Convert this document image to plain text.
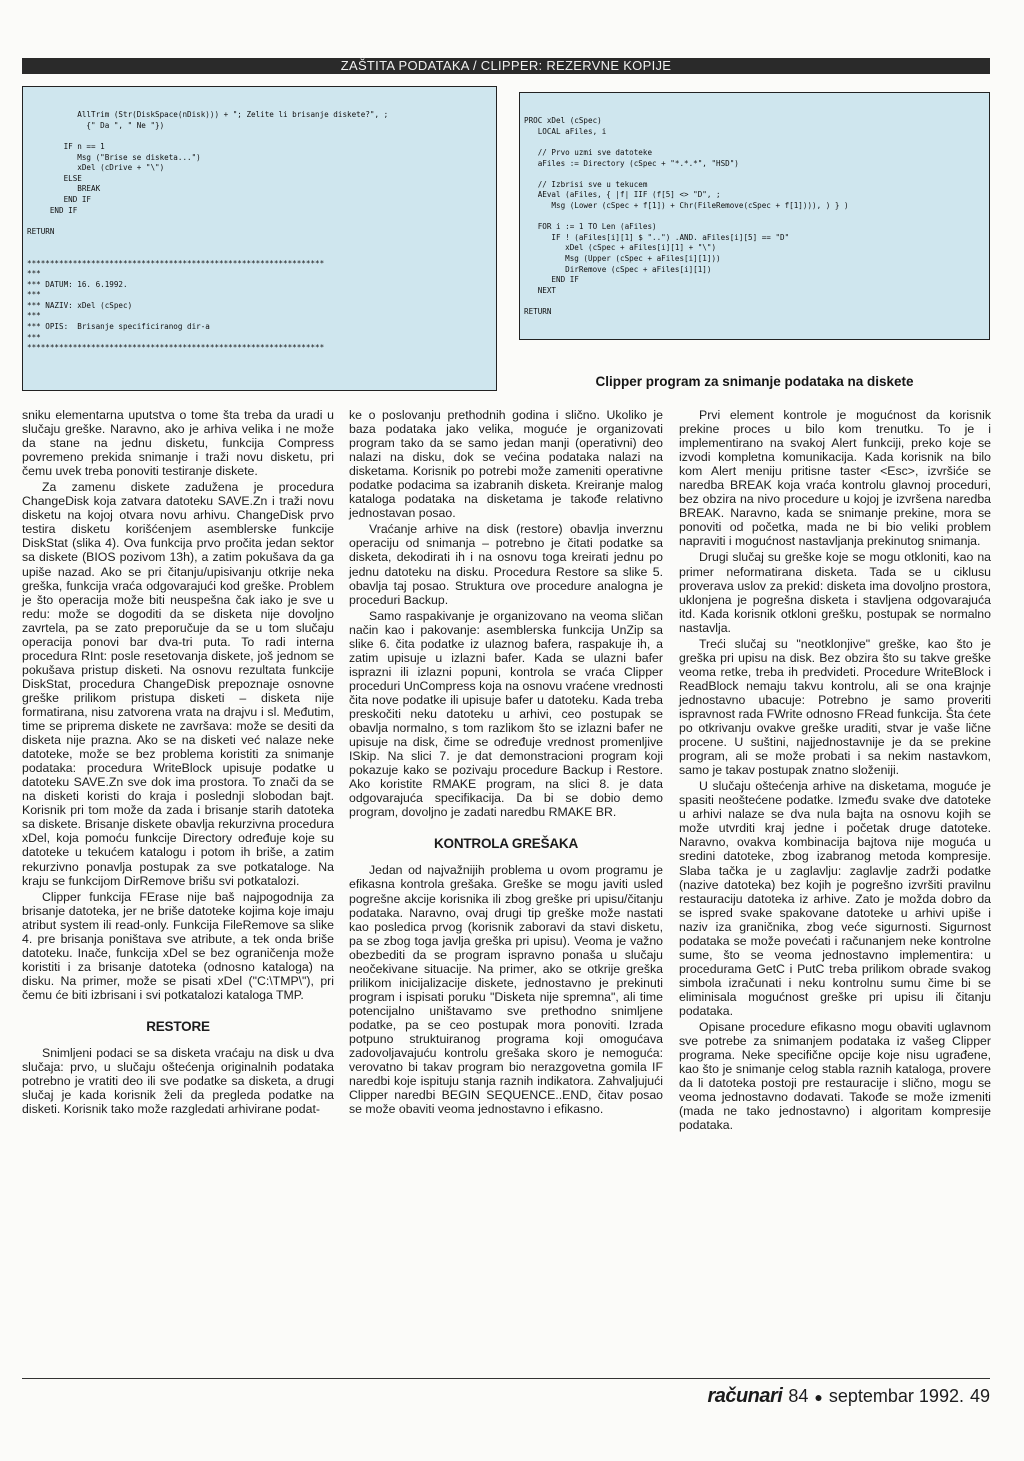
ZAŠTITA PODATAKA / CLIPPER: REZERVNE KOPIJE
AllTrim (Str(DiskSpace(nDisk))) + "; Zelite li brisanje diskete?", ;
{" Da ", " Ne "})
IF n == 1
Msg ("Brise se disketa...")
xDel (cDrive + "\")
ELSE
BREAK
END IF
END IF
RETURN
*****************************************************************
***
*** DATUM: 16. 6.1992.
***
*** NAZIV: xDel (cSpec)
***
*** OPIS:  Brisanje specificiranog dir-a
***
*****************************************************************
PROC xDel (cSpec)
LOCAL aFiles, i
// Prvo uzmi sve datoteke
aFiles := Directory (cSpec + "*.*.*", "HSD")
// Izbrisi sve u tekucem
AEval (aFiles, { |f| IIF (f[5] <> "D", ;
Msg (Lower (cSpec + f[1]) + Chr(FileRemove(cSpec + f[1]))), ) } )
FOR i := 1 TO Len (aFiles)
IF ! (aFiles[i][1] $ "..") .AND. aFiles[i][5] == "D"
xDel (cSpec + aFiles[i][1] + "\")
Msg (Upper (cSpec + aFiles[i][1]))
DirRemove (cSpec + aFiles[i][1])
END IF
NEXT
RETURN
Clipper program za snimanje podataka na diskete

sniku elementarna uputstva o tome šta treba da uradi u slučaju greške. Naravno, ako je arhiva velika i ne može da stane na jednu disketu, funkcija Compress povremeno prekida snimanje i traži novu disketu, pri čemu uvek treba ponoviti testiranje diskete.

Za zamenu diskete zadužena je procedura ChangeDisk koja zatvara datoteku SAVE.Zn i traži novu disketu na kojoj otvara novu arhivu. ChangeDisk prvo testira disketu korišćenjem asemblerske funkcije DiskStat (slika 4). Ova funkcija prvo pročita jedan sektor sa diskete (BIOS pozivom 13h), a zatim pokušava da ga upiše nazad. Ako se pri čitanju/upisivanju otkrije neka greška, funkcija vraća odgovarajući kod greške. Problem je što operacija može biti neuspešna čak iako je sve u redu: može se dogoditi da se disketa nije dovoljno zavrtela, pa se zato preporučuje da se u tom slučaju operacija ponovi bar dva-tri puta. To radi interna procedura RInt: posle resetovanja diskete, još jednom se pokušava pristup disketi. Na osnovu rezultata funkcije DiskStat, procedura ChangeDisk prepoznaje osnovne greške prilikom pristupa disketi – disketa nije formatirana, nisu zatvorena vrata na drajvu i sl. Međutim, time se priprema diskete ne završava: može se desiti da disketa nije prazna. Ako se na disketi već nalaze neke datoteke, može se bez problema koristiti za snimanje podataka: procedura WriteBlock upisuje podatke u datoteku SAVE.Zn sve dok ima prostora. To znači da se na disketi koristi do kraja i poslednji slobodan bajt. Korisnik pri tom može da zada i brisanje starih datoteka sa diskete. Brisanje diskete obavlja rekurzivna procedura xDel, koja pomoću funkcije Directory određuje koje su datoteke u tekućem katalogu i potom ih briše, a zatim rekurzivno ponavlja postupak za sve potkataloge. Na kraju se funkcijom DirRemove brišu svi potkatalozi.

Clipper funkcija FErase nije baš najpogodnija za brisanje datoteka, jer ne briše datoteke kojima koje imaju atribut system ili read-only. Funkcija FileRemove sa slike 4. pre brisanja poništava sve atribute, a tek onda briše datoteku. Inače, funkcija xDel se bez ograničenja može koristiti i za brisanje datoteka (odnosno kataloga) na disku. Na primer, može se pisati xDel ("C:\TMP\"), pri čemu će biti izbrisani i svi potkatalozi kataloga TMP.

RESTORE

Snimljeni podaci se sa disketa vraćaju na disk u dva slučaja: prvo, u slučaju oštećenja originalnih podataka potrebno je vratiti deo ili sve podatke sa disketa, a drugi slučaj je kada korisnik želi da pregleda podatke na disketi. Korisnik tako može razgledati arhivirane podat-

ke o poslovanju prethodnih godina i slično. Ukoliko je baza podataka jako velika, moguće je organizovati program tako da se samo jedan manji (operativni) deo nalazi na disku, dok se većina podataka nalazi na disketama. Korisnik po potrebi može zameniti operativne podatke podacima sa izabranih disketa. Kreiranje malog kataloga podataka na disketama je takođe relativno jednostavan posao.

Vraćanje arhive na disk (restore) obavlja inverznu operaciju od snimanja – potrebno je čitati podatke sa disketa, dekodirati ih i na osnovu toga kreirati jednu po jednu datoteku na disku. Procedura Restore sa slike 5. obavlja taj posao. Struktura ove procedure analogna je proceduri Backup.

Samo raspakivanje je organizovano na veoma sličan način kao i pakovanje: asemblerska funkcija UnZip sa slike 6. čita podatke iz ulaznog bafera, raspakuje ih, a zatim upisuje u izlazni bafer. Kada se ulazni bafer isprazni ili izlazni popuni, kontrola se vraća Clipper proceduri UnCompress koja na osnovu vraćene vrednosti čita nove podatke ili upisuje bafer u datoteku. Kada treba preskočiti neku datoteku u arhivi, ceo postupak se obavlja normalno, s tom razlikom što se izlazni bafer ne upisuje na disk, čime se određuje vrednost promenljive ISkip. Na slici 7. je dat demonstracioni program koji pokazuje kako se pozivaju procedure Backup i Restore. Ako koristite RMAKE program, na slici 8. je data odgovarajuća specifikacija. Da bi se dobio demo program, dovoljno je zadati naredbu RMAKE BR.

KONTROLA GREŠAKA

Jedan od najvažnijih problema u ovom programu je efikasna kontrola grešaka. Greške se mogu javiti usled pogrešne akcije korisnika ili zbog greške pri upisu/čitanju podataka. Naravno, ovaj drugi tip greške može nastati kao posledica prvog (korisnik zaboravi da stavi disketu, pa se zbog toga javlja greška pri upisu). Veoma je važno obezbediti da se program ispravno ponaša u slučaju neočekivane situacije. Na primer, ako se otkrije greška prilikom inicijalizacije diskete, jednostavno je prekinuti program i ispisati poruku "Disketa nije spremna", ali time potencijalno uništavamo sve prethodno snimljene podatke, pa se ceo postupak mora ponoviti. Izrada potpuno struktuiranog programa koji omogućava zadovoljavajuću kontrolu grešaka skoro je nemoguća: verovatno bi takav program bio nerazgovetna gomila IF naredbi koje ispituju stanja raznih indikatora. Zahvaljujući Clipper naredbi BEGIN SEQUENCE..END, čitav posao se može obaviti veoma jednostavno i efikasno.

Prvi element kontrole je mogućnost da korisnik prekine proces u bilo kom trenutku. To je i implementirano na svakoj Alert funkciji, preko koje se izvodi kompletna komunikacija. Kada korisnik na bilo kom Alert meniju pritisne taster <Esc>, izvršiće se naredba BREAK koja vraća kontrolu glavnoj proceduri, bez obzira na nivo procedure u kojoj je izvršena naredba BREAK. Naravno, kada se snimanje prekine, mora se ponoviti od početka, mada ne bi bio veliki problem napraviti i mogućnost nastavljanja prekinutog snimanja.

Drugi slučaj su greške koje se mogu otkloniti, kao na primer neformatirana disketa. Tada se u ciklusu proverava uslov za prekid: disketa ima dovoljno prostora, uklonjena je pogrešna disketa i stavljena odgovarajuća itd. Kada korisnik otkloni grešku, postupak se normalno nastavlja.

Treći slučaj su "neotklonjive" greške, kao što je greška pri upisu na disk. Bez obzira što su takve greške veoma retke, treba ih predvideti. Procedure WriteBlock i ReadBlock nemaju takvu kontrolu, ali se ona krajnje jednostavno ubacuje: Potrebno je samo proveriti ispravnost rada FWrite odnosno FRead funkcija. Šta ćete po otkrivanju ovakve greške uraditi, stvar je vaše lične procene. U suštini, najjednostavnije je da se prekine program, ali se može probati i sa nekim nastavkom, samo je takav postupak znatno složeniji.

U slučaju oštećenja arhive na disketama, moguće je spasiti neoštećene podatke. Između svake dve datoteke u arhivi nalaze se dva nula bajta na osnovu kojih se može utvrditi kraj jedne i početak druge datoteke. Naravno, ovakva kombinacija bajtova nije moguća u sredini datoteke, zbog izabranog metoda kompresije. Slaba tačka je u zaglavlju: zaglavlje zadrži podatke (nazive datoteka) bez kojih je pogrešno izvršiti pravilnu restauraciju datoteka iz arhive. Zato je možda dobro da se ispred svake spakovane datoteke u arhivi upiše i naziv iza graničnika, zbog veće sigurnosti. Sigurnost podataka se može povećati i računanjem neke kontrolne sume, što se veoma jednostavno implementira: u procedurama GetC i PutC treba prilikom obrade svakog simbola izračunati i neku kontrolnu sumu čime bi se eliminisala mogućnost greške pri upisu ili čitanju podataka.

Opisane procedure efikasno mogu obaviti uglavnom sve potrebe za snimanjem podataka iz vašeg Clipper programa. Neke specifične opcije koje nisu ugrađene, kao što je snimanje celog stabla raznih kataloga, provere da li datoteka postoji pre restauracije i slično, mogu se veoma jednostavno dodavati. Takođe se može izmeniti (mada ne tako jednostavno) i algoritam kompresije podataka.

računari 84 ● septembar 1992. 49
